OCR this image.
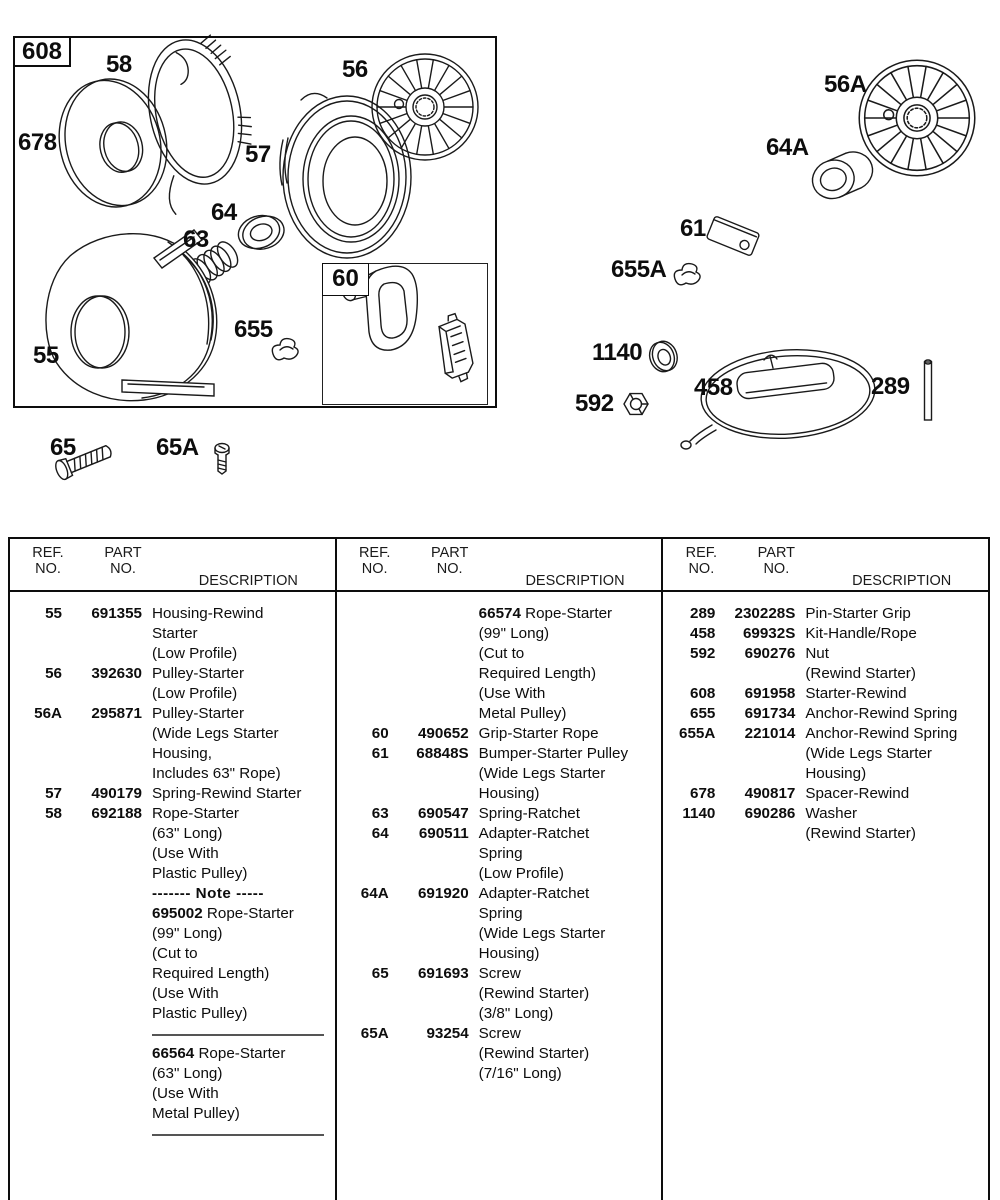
608
60
58
678
56
57
64
63
655
55
56A
64A
61
655A
1140
592
458	289
65	65A
REF.
NO.
PART
NO.
DESCRIPTION
55	691355 Housing-Rewind
Starter
(Low Profile)
56	392630 Pulley-Starter
(Low Profile)
56A	295871 Pulley-Starter
(Wide Legs Starter
Housing,
Includes 63" Rope)
57	490179 Spring-Rewind Starter
58	692188 Rope-Starter
(63" Long)
(Use With
Plastic Pulley)
------- Note -----
695002 Rope-Starter
(99" Long)
(Cut to
Required Length)
(Use With
Plastic Pulley)
66564 Rope-Starter
(63" Long)
(Use With
Metal Pulley)
REF.
NO.
PART
NO.
DESCRIPTION
66574 Rope-Starter
(99" Long)
(Cut to
Required Length)
(Use With
Metal Pulley)
60	490652 Grip-Starter Rope
61	68848S Bumper-Starter Pulley
(Wide Legs Starter
Housing)
63	690547 Spring-Ratchet
64	690511 Adapter-Ratchet
Spring
(Low Profile)
64A	691920 Adapter-Ratchet
Spring
(Wide Legs Starter
Housing)
65	691693 Screw
(Rewind Starter)
(3/8" Long)
65A	93254 Screw
(Rewind Starter)
(7/16" Long)
REF.
NO.
PART
NO.
DESCRIPTION
289	230228S Pin-Starter Grip
458	69932S Kit-Handle/Rope
592	690276 Nut
(Rewind Starter)
608	691958 Starter-Rewind
655	691734 Anchor-Rewind Spring
655A	221014 Anchor-Rewind Spring
(Wide Legs Starter
Housing)
678	490817 Spacer-Rewind
1140	690286 Washer
(Rewind Starter)
